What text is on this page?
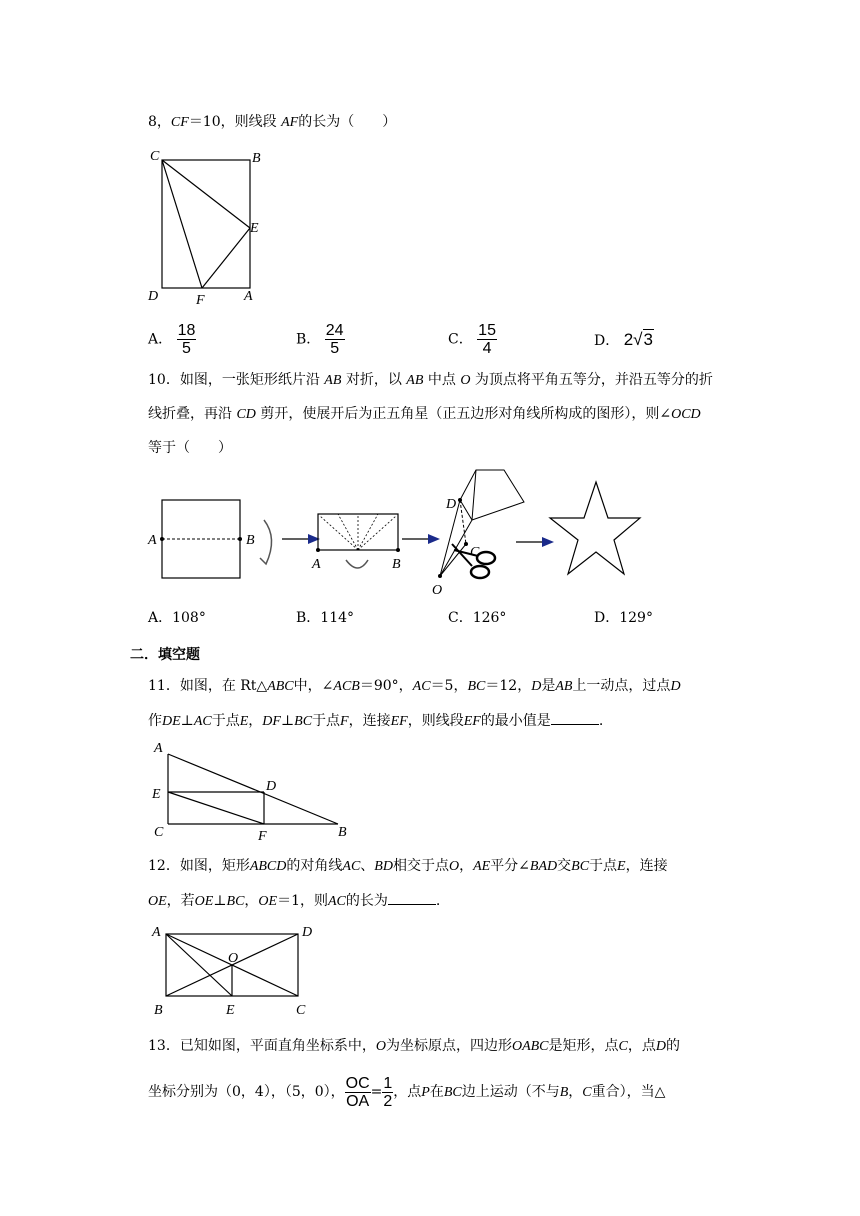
8，CF＝10，则线段 AF的长为（　　）
C	B
E
D	F	A
A． $\frac{18}{5}$	B． $\frac{24}{5}$	C． $\frac{15}{4}$	D． 2√3
10．如图，一张矩形纸片沿 AB 对折，以 AB 中点 O 为顶点将平角五等分，并沿五等分的折
线折叠，再沿 CD 剪开，使展开后为正五角星（正五边形对角线所构成的图形），则∠OCD
等于（　　）
A	B
A	B
D
C
O
A．108°	B．114°	C．126°	D．129°
二．填空题
11．如图，在 Rt△ABC中，∠ACB＝90°，AC＝5，BC＝12，D是AB上一动点，过点D
作DE⊥AC于点E，DF⊥BC于点F，连接EF，则线段EF的最小值是	.
A
D
E
C	F	B
12．如图，矩形ABCD的对角线AC、BD相交于点O，AE平分∠BAD交BC于点E，连接
OE，若OE⊥BC，OE＝1，则AC的长为	.
A	D
O
B	E	C
13．已知如图，平面直角坐标系中，O为坐标原点，四边形OABC是矩形，点C，点D的
坐标分别为（0，4），（5，0）， $\frac{OC}{OA} = \frac{1}{2}$ ，点P在BC边上运动（不与B，C重合），当△
